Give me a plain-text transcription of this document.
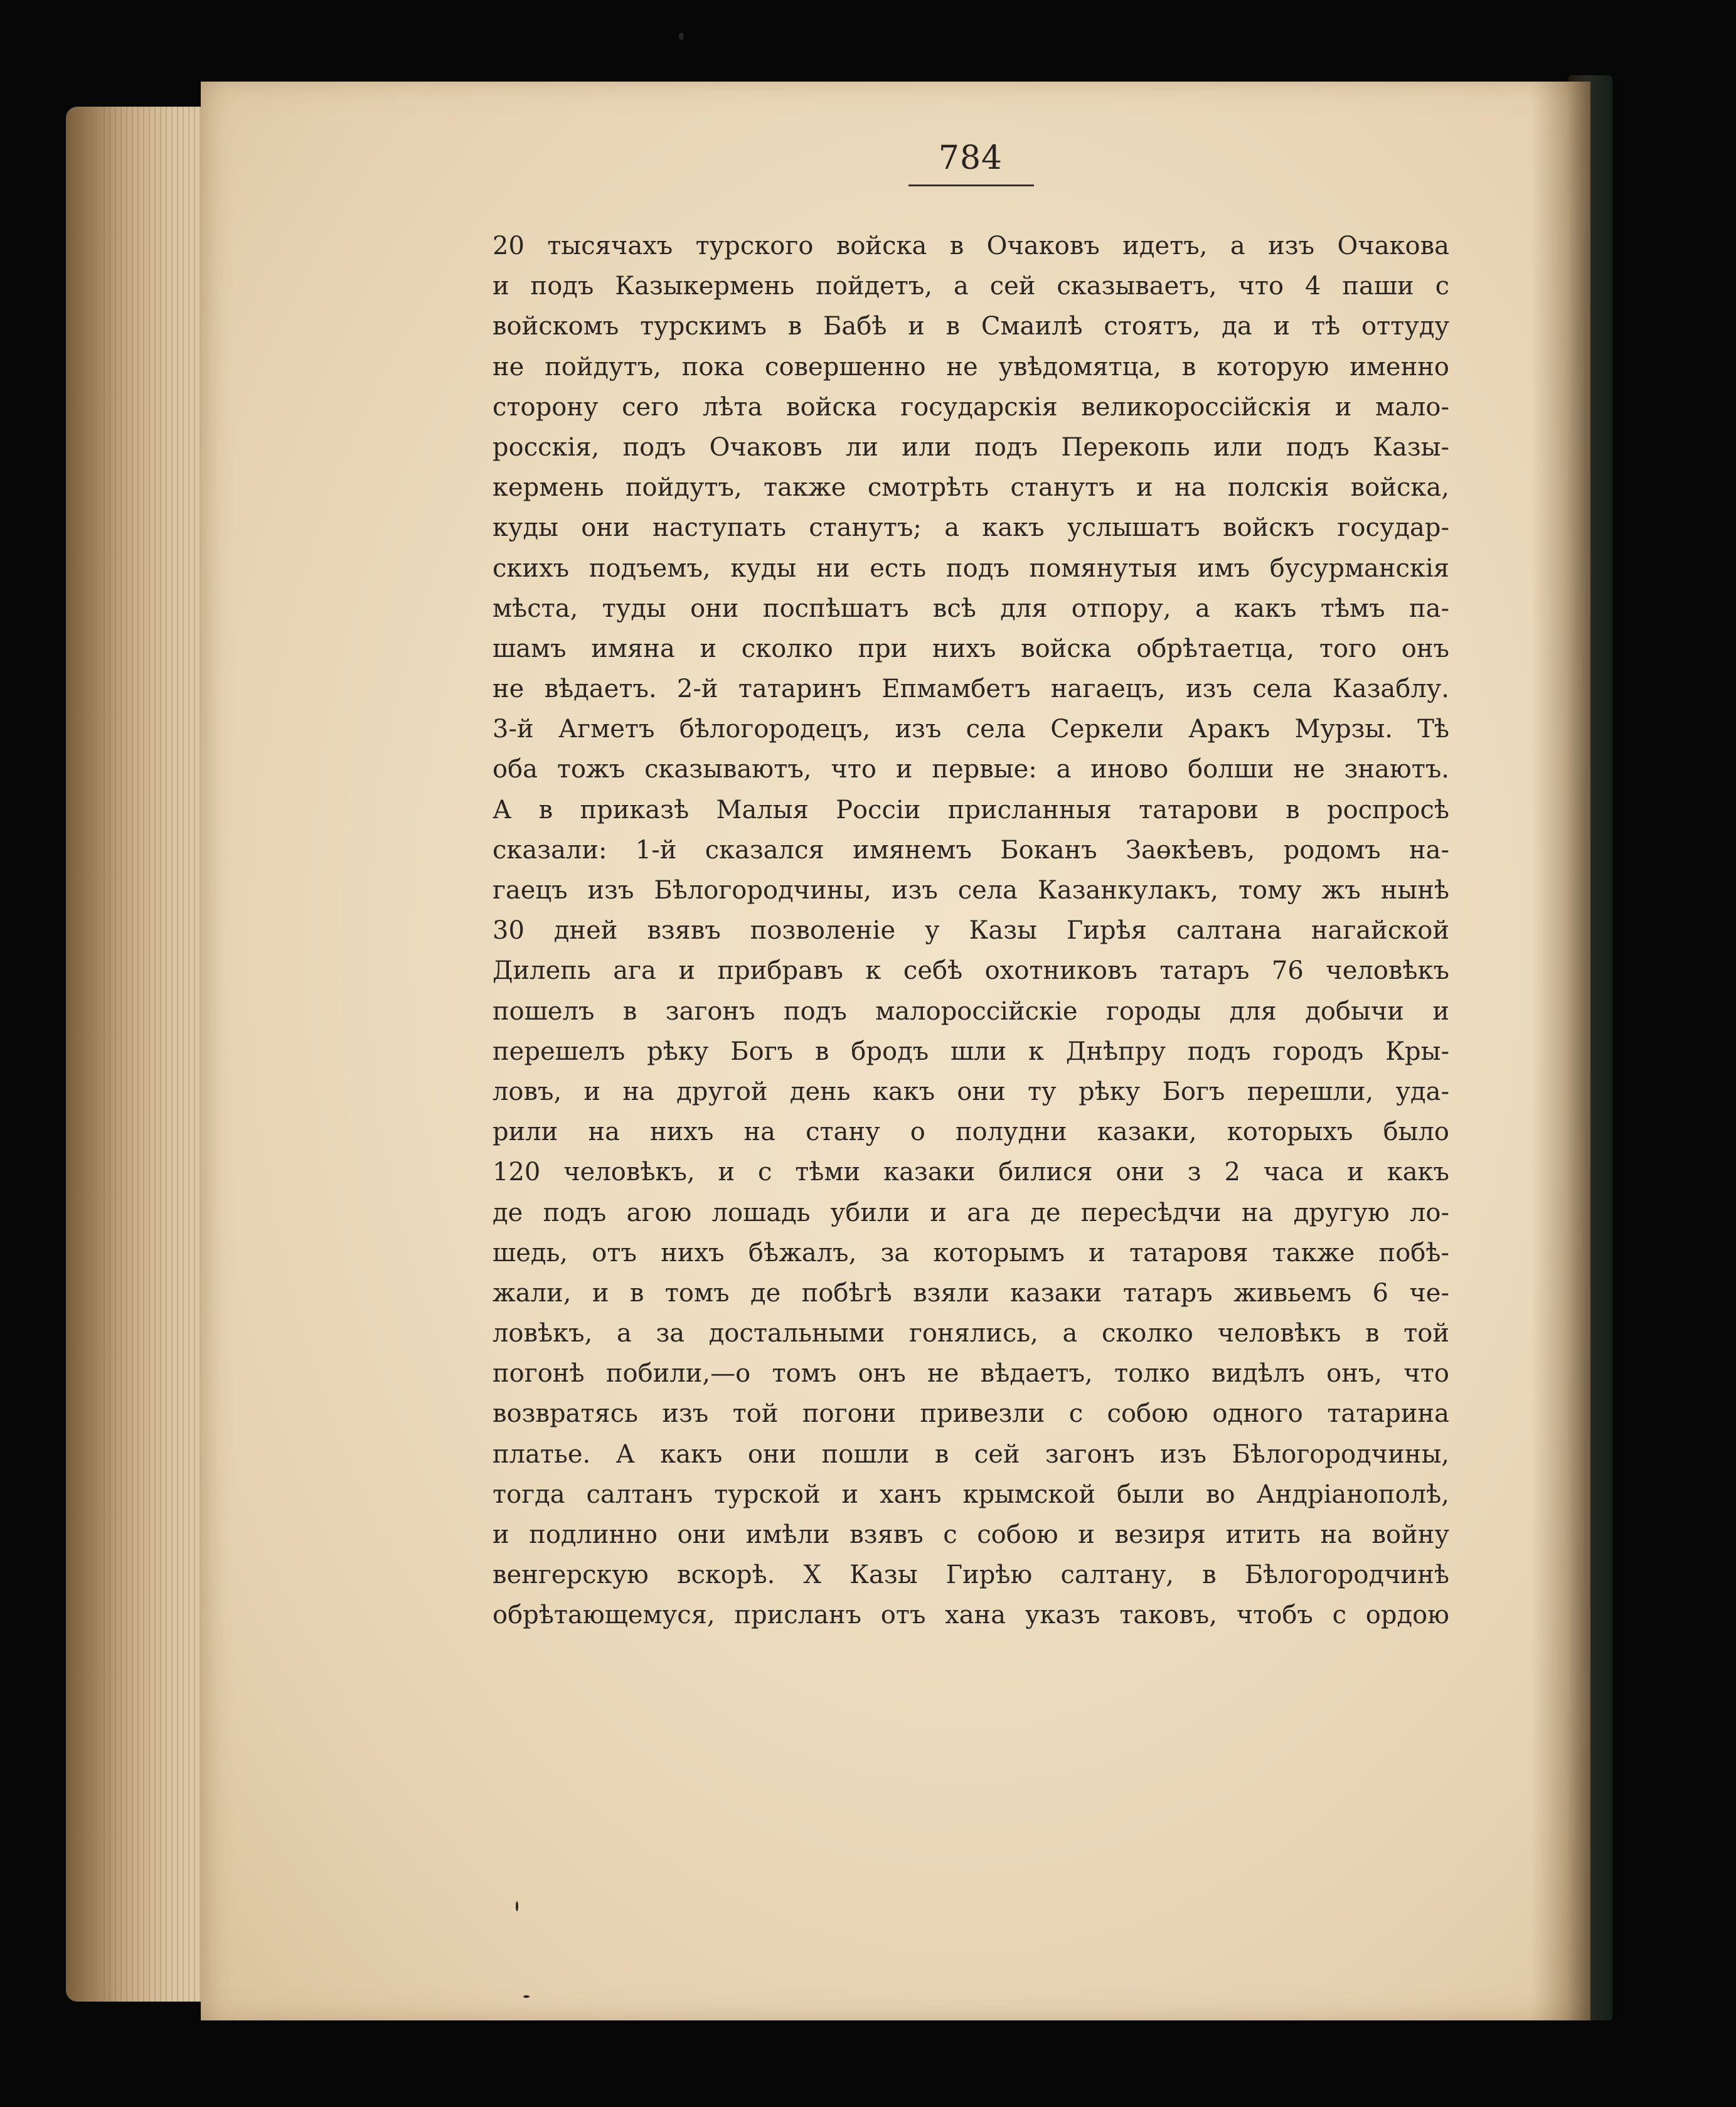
784
20 тысячахъ турского войска в Очаковъ идетъ, а изъ Очакова
и подъ Казыкермень пойдетъ, а сей сказываетъ, что 4 паши с
войскомъ турскимъ в Бабѣ и в Смаилѣ стоятъ, да и тѣ оттуду
не пойдутъ, пока совершенно не увѣдомятца, в которую именно
сторону сего лѣта войска государскія великороссійскія и мало-
росскія, подъ Очаковъ ли или подъ Перекопь или подъ Казы-
кермень пойдутъ, также смотрѣть станутъ и на полскія войска,
куды они наступать станутъ; а какъ услышатъ войскъ государ-
скихъ подъемъ, куды ни есть подъ помянутыя имъ бусурманскія
мѣста, туды они поспѣшатъ всѣ для отпору, а какъ тѣмъ па-
шамъ имяна и сколко при нихъ войска обрѣтаетца, того онъ
не вѣдаетъ. 2-й татаринъ Епмамбетъ нагаецъ, изъ села Казаблу.
3-й Агметъ бѣлогородецъ, изъ села Серкели Аракъ Мурзы. Тѣ
оба тожъ сказываютъ, что и первые: а иново болши не знаютъ.
А в приказѣ Малыя Россіи присланныя татарови в роспросѣ
сказали: 1-й сказался имянемъ Боканъ Заөкѣевъ, родомъ на-
гаецъ изъ Бѣлогородчины, изъ села Казанкулакъ, тому жъ нынѣ
30 дней взявъ позволеніе у Казы Гирѣя салтана нагайской
Дилепь ага и прибравъ к себѣ охотниковъ татаръ 76 человѣкъ
пошелъ в загонъ подъ малороссійскіе городы для добычи и
перешелъ рѣку Богъ в бродъ шли к Днѣпру подъ городъ Кры-
ловъ, и на другой день какъ они ту рѣку Богъ перешли, уда-
рили на нихъ на стану о полудни казаки, которыхъ было
120 человѣкъ, и с тѣми казаки билися они з 2 часа и какъ
де подъ агою лошадь убили и ага де пересѣдчи на другую ло-
шедь, отъ нихъ бѣжалъ, за которымъ и татаровя также побѣ-
жали, и в томъ де побѣгѣ взяли казаки татаръ живьемъ 6 че-
ловѣкъ, а за достальными гонялись, а сколко человѣкъ в той
погонѣ побили,—о томъ онъ не вѣдаетъ, толко видѣлъ онъ, что
возвратясь изъ той погони привезли с собою одного татарина
платье. А какъ они пошли в сей загонъ изъ Бѣлогородчины,
тогда салтанъ турской и ханъ крымской были во Андріанополѣ,
и подлинно они имѣли взявъ с собою и везиря итить на войну
венгерскую вскорѣ. Х Казы Гирѣю салтану, в Бѣлогородчинѣ
обрѣтающемуся, присланъ отъ хана указъ таковъ, чтобъ с ордою
